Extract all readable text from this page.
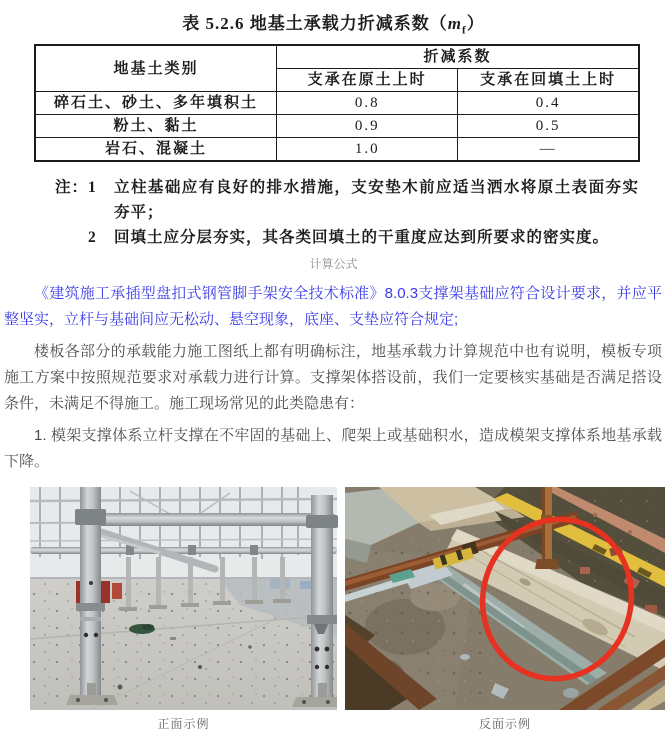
表 5.2.6 地基土承载力折减系数$(m_f)$
地基土类别	折减系数	
	支承在原土上时	支承在回填土上时
碎石土、砂土、多年填积土	0.8	0.4
粉土、黏土	0.9	0.5
岩石、混凝土	1.0	—
注： 1	立柱基础应有良好的排水措施，支安垫木前应适当洒水将原土表面夯实夯平；
2	回填土应分层夯实，其各类回填土的干重度应达到所要求的密实度。
计算公式

《建筑施工承插型盘扣式钢管脚手架安全技术标准》8.0.3支撑架基础应符合设计要求，并应平整坚实，立杆与基础间应无松动、悬空现象，底座、支垫应符合规定;

楼板各部分的承载能力施工图纸上都有明确标注，地基承载力计算规范中也有说明，模板专项施工方案中按照规范要求对承载力进行计算。支撑架体搭设前，我们一定要核实基础是否满足搭设条件，未满足不得施工。施工现场常见的此类隐患有：

1. 模架支撑体系立杆支撑在不牢固的基础上、爬架上或基础积水，造成模架支撑体系地基承载下降。

正面示例	反面示例
